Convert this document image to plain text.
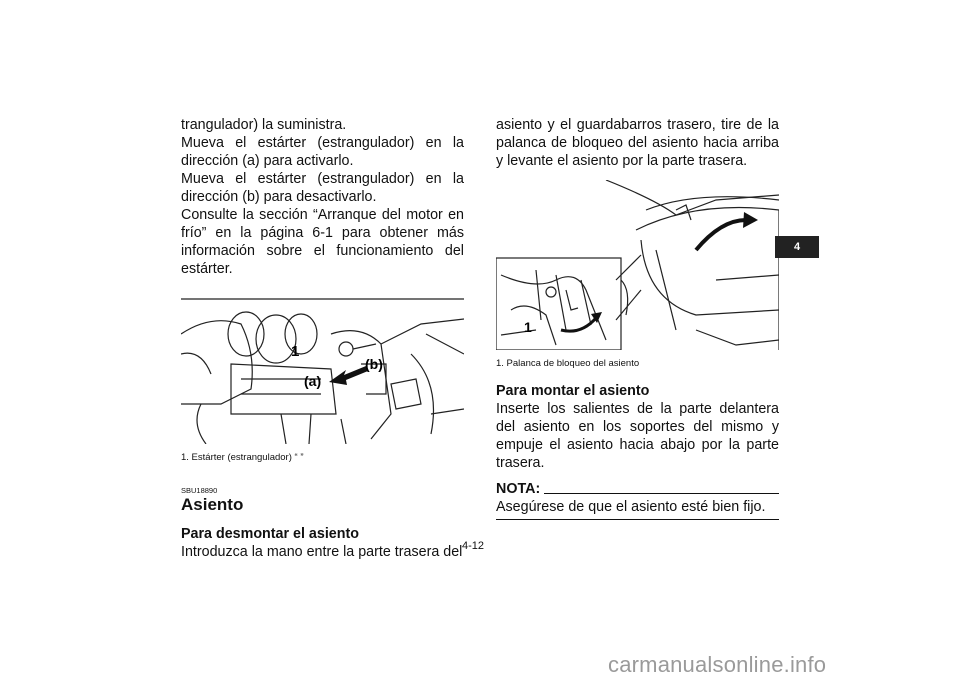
trangulador) la suministra.

Mueva el estárter (estrangulador) en la dirección (a) para activarlo.

Mueva el estárter (estrangulador) en la dirección (b) para desactivarlo.

Consulte la sección “Arranque del motor en frío” en la página 6-1 para obtener más información sobre el funcionamiento del estárter.

1
(a)
(b)
1. Estárter (estrangulador) “ ”
SBU18890
Asiento
Para desmontar el asiento

Introduzca la mano entre la parte trasera del

asiento y el guardabarros trasero, tire de la palanca de bloqueo del asiento hacia arriba y levante el asiento por la parte trasera.

1
1. Palanca de bloqueo del asiento
Para montar el asiento

Inserte los salientes de la parte delantera del asiento en los soportes del mismo y empuje el asiento hacia abajo por la parte trasera.

NOTA:

Asegúrese de que el asiento esté bien fijo.

4-12
4
carmanualsonline.info
